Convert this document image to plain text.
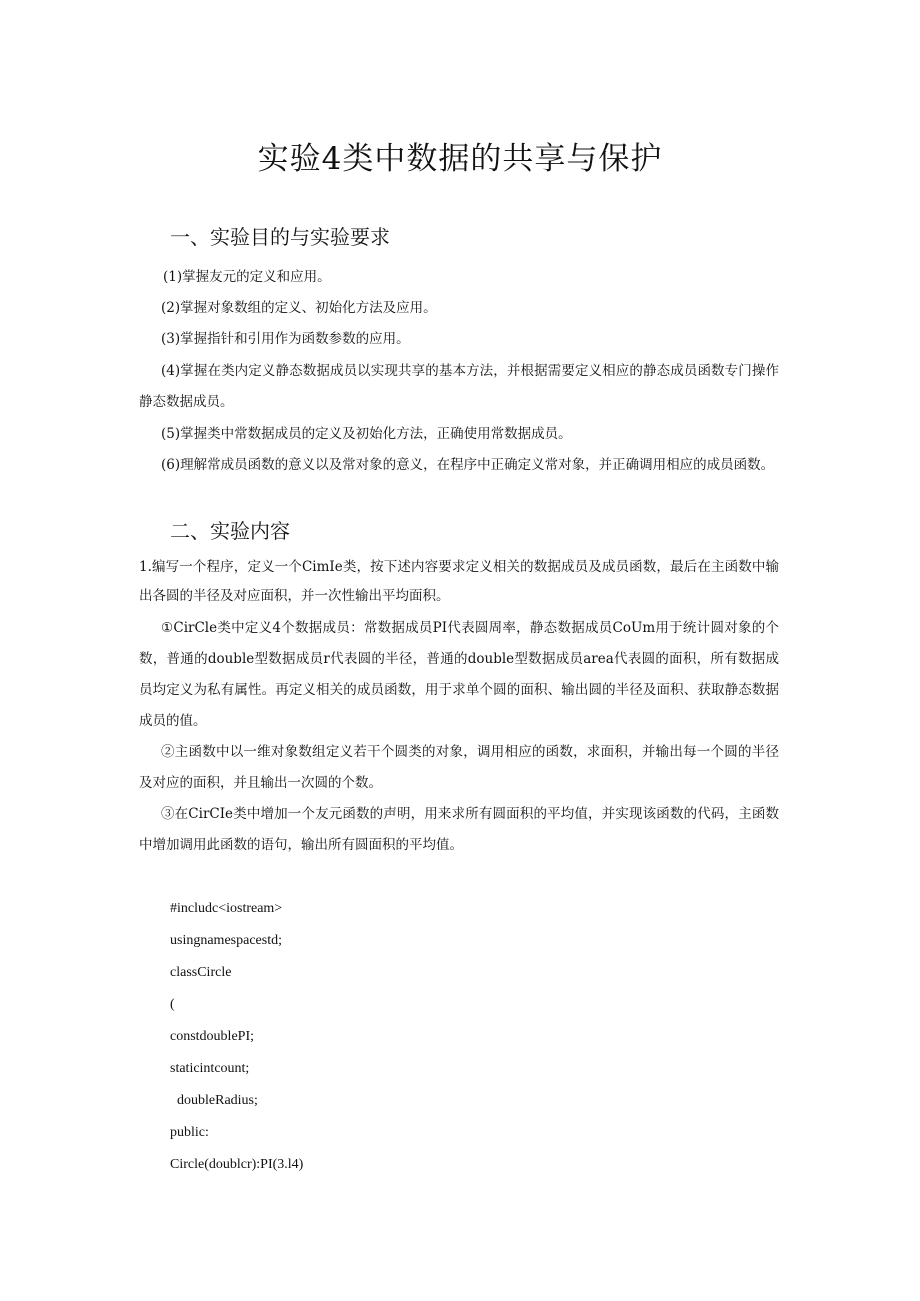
实验4类中数据的共享与保护
一、实验目的与实验要求
(1)掌握友元的定义和应用。
(2)掌握对象数组的定义、初始化方法及应用。
(3)掌握指针和引用作为函数参数的应用。
(4)掌握在类内定义静态数据成员以实现共享的基本方法，并根据需要定义相应的静态成员函数专门操作静态数据成员。
(5)掌握类中常数据成员的定义及初始化方法，正确使用常数据成员。
(6)理解常成员函数的意义以及常对象的意义，在程序中正确定义常对象，并正确调用相应的成员函数。
二、实验内容
1.编写一个程序，定义一个CimIe类，按下述内容要求定义相关的数据成员及成员函数，最后在主函数中输出各圆的半径及对应面积，并一次性输出平均面积。
①CirCle类中定义4个数据成员：常数据成员PI代表圆周率，静态数据成员CoUm用于统计圆对象的个数，普通的double型数据成员r代表圆的半径，普通的double型数据成员area代表圆的面积，所有数据成员均定义为私有属性。再定义相关的成员函数，用于求单个圆的面积、输出圆的半径及面积、获取静态数据成员的值。
②主函数中以一维对象数组定义若干个圆类的对象，调用相应的函数，求面积，并输出每一个圆的半径及对应的面积，并且输出一次圆的个数。
③在CirCIe类中增加一个友元函数的声明，用来求所有圆面积的平均值，并实现该函数的代码，主函数中增加调用此函数的语句，输出所有圆面积的平均值。
#includc<iostream>
usingnamespacestd;
classCircle
(
constdoublePI;
staticintcount;
doubleRadius;
public:
Circle(doublcr):PI(3.l4)
